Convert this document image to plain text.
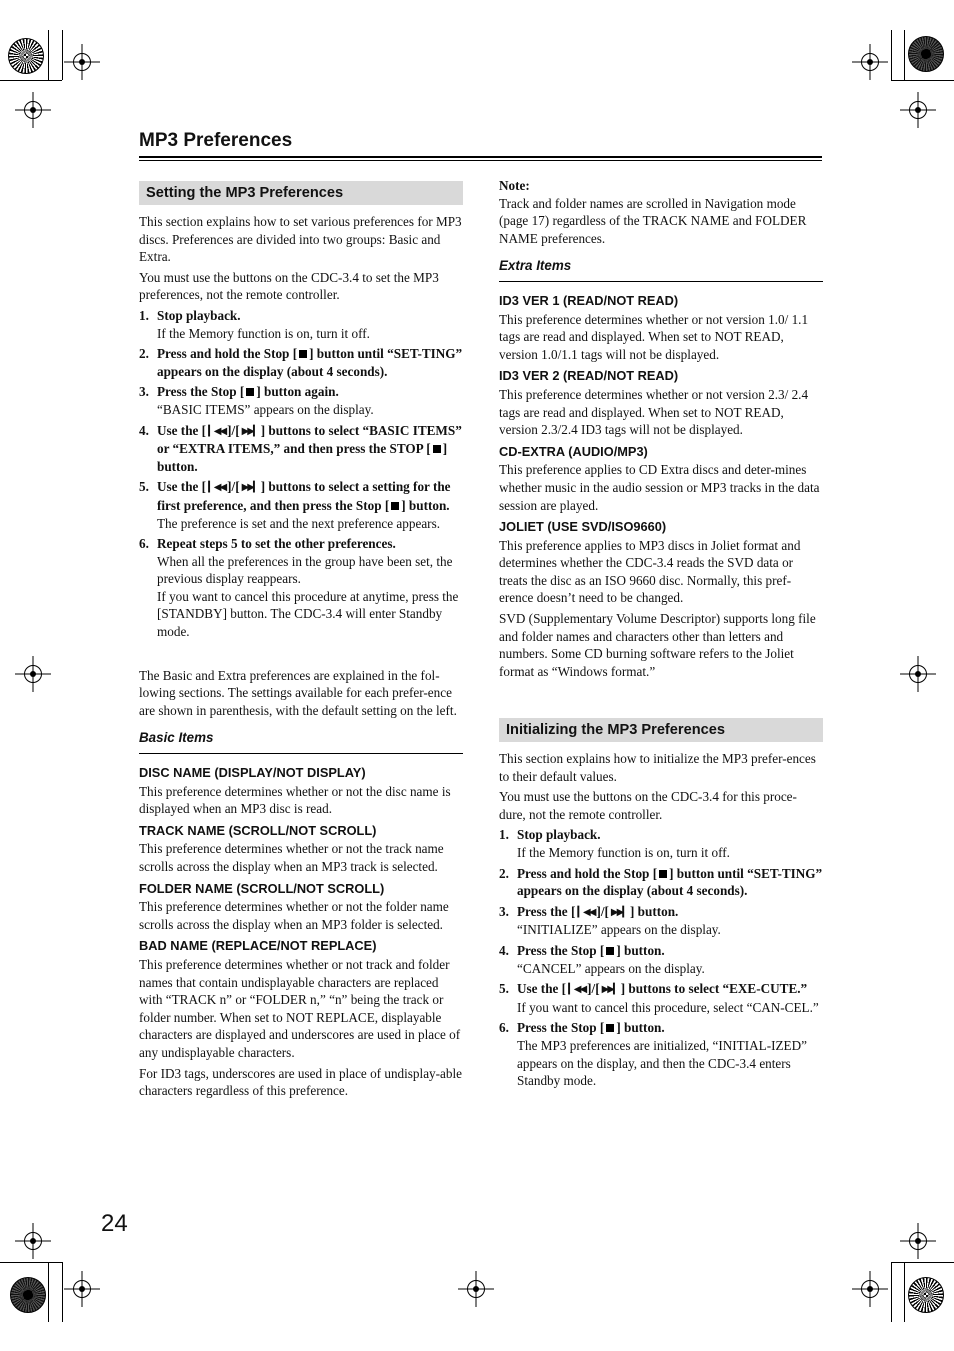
MP3 Preferences
Setting the MP3 Preferences

This section explains how to set various preferences for MP3 discs. Preferences are divided into two groups: Basic and Extra.

You must use the buttons on the CDC-3.4 to set the MP3 preferences, not the remote controller.

1. Stop playback.
If the Memory function is on, turn it off.
2. Press and hold the Stop [ ] button until “SET-TING” appears on the display (about 4 seconds).
3. Press the Stop [ ] button again.
“BASIC ITEMS” appears on the display.
4. Use the [ ▎◀◀ ]/[ ▶▶▎ ] buttons to select “BASIC ITEMS” or “EXTRA ITEMS,” and then press the STOP [ ] button.
5. Use the [ ▎◀◀ ]/[ ▶▶▎ ] buttons to select a setting for the first preference, and then press the Stop [ ] button.
The preference is set and the next preference appears.
6. Repeat steps 5 to set the other preferences.
When all the preferences in the group have been set, the previous display reappears.
If you want to cancel this procedure at anytime, press the [STANDBY] button. The CDC-3.4 will enter Standby mode.

The Basic and Extra preferences are explained in the fol-lowing sections. The settings available for each prefer-ence are shown in parenthesis, with the default setting on the left.

Basic Items
DISC NAME (DISPLAY/NOT DISPLAY)

This preference determines whether or not the disc name is displayed when an MP3 disc is read.

TRACK NAME (SCROLL/NOT SCROLL)

This preference determines whether or not the track name scrolls across the display when an MP3 track is selected.

FOLDER NAME (SCROLL/NOT SCROLL)

This preference determines whether or not the folder name scrolls across the display when an MP3 folder is selected.

BAD NAME (REPLACE/NOT REPLACE)

This preference determines whether or not track and folder names that contain undisplayable characters are replaced with “TRACK n” or “FOLDER n,” “n” being the track or folder number. When set to NOT REPLACE, displayable characters are displayed and underscores are used in place of any undisplayable characters.

For ID3 tags, underscores are used in place of undisplay-able characters regardless of this preference.

Note:

Track and folder names are scrolled in Navigation mode (page 17) regardless of the TRACK NAME and FOLDER NAME preferences.

Extra Items
ID3 VER 1 (READ/NOT READ)

This preference determines whether or not version 1.0/ 1.1 tags are read and displayed. When set to NOT READ, version 1.0/1.1 tags will not be displayed.

ID3 VER 2 (READ/NOT READ)

This preference determines whether or not version 2.3/ 2.4 tags are read and displayed. When set to NOT READ, version 2.3/2.4 ID3 tags will not be displayed.

CD-EXTRA (AUDIO/MP3)

This preference applies to CD Extra discs and deter-mines whether music in the audio session or MP3 tracks in the data session are played.

JOLIET (USE SVD/ISO9660)

This preference applies to MP3 discs in Joliet format and determines whether the CDC-3.4 reads the SVD data or treats the disc as an ISO 9660 disc. Normally, this pref-erence doesn’t need to be changed.

SVD (Supplementary Volume Descriptor) supports long file and folder names and characters other than letters and numbers. Some CD burning software refers to the Joliet format as “Windows format.”

Initializing the MP3 Preferences

This section explains how to initialize the MP3 prefer-ences to their default values.

You must use the buttons on the CDC-3.4 for this proce-dure, not the remote controller.

1. Stop playback.
If the Memory function is on, turn it off.
2. Press and hold the Stop [ ] button until “SET-TING” appears on the display (about 4 seconds).
3. Press the [ ▎◀◀ ]/[ ▶▶▎ ] button.
“INITIALIZE” appears on the display.
4. Press the Stop [ ] button.
“CANCEL” appears on the display.
5. Use the [ ▎◀◀ ]/[ ▶▶▎ ] buttons to select “EXE-CUTE.”
If you want to cancel this procedure, select “CAN-CEL.”
6. Press the Stop [ ] button.
The MP3 preferences are initialized, “INITIAL-IZED” appears on the display, and then the CDC-3.4 enters Standby mode.
24
